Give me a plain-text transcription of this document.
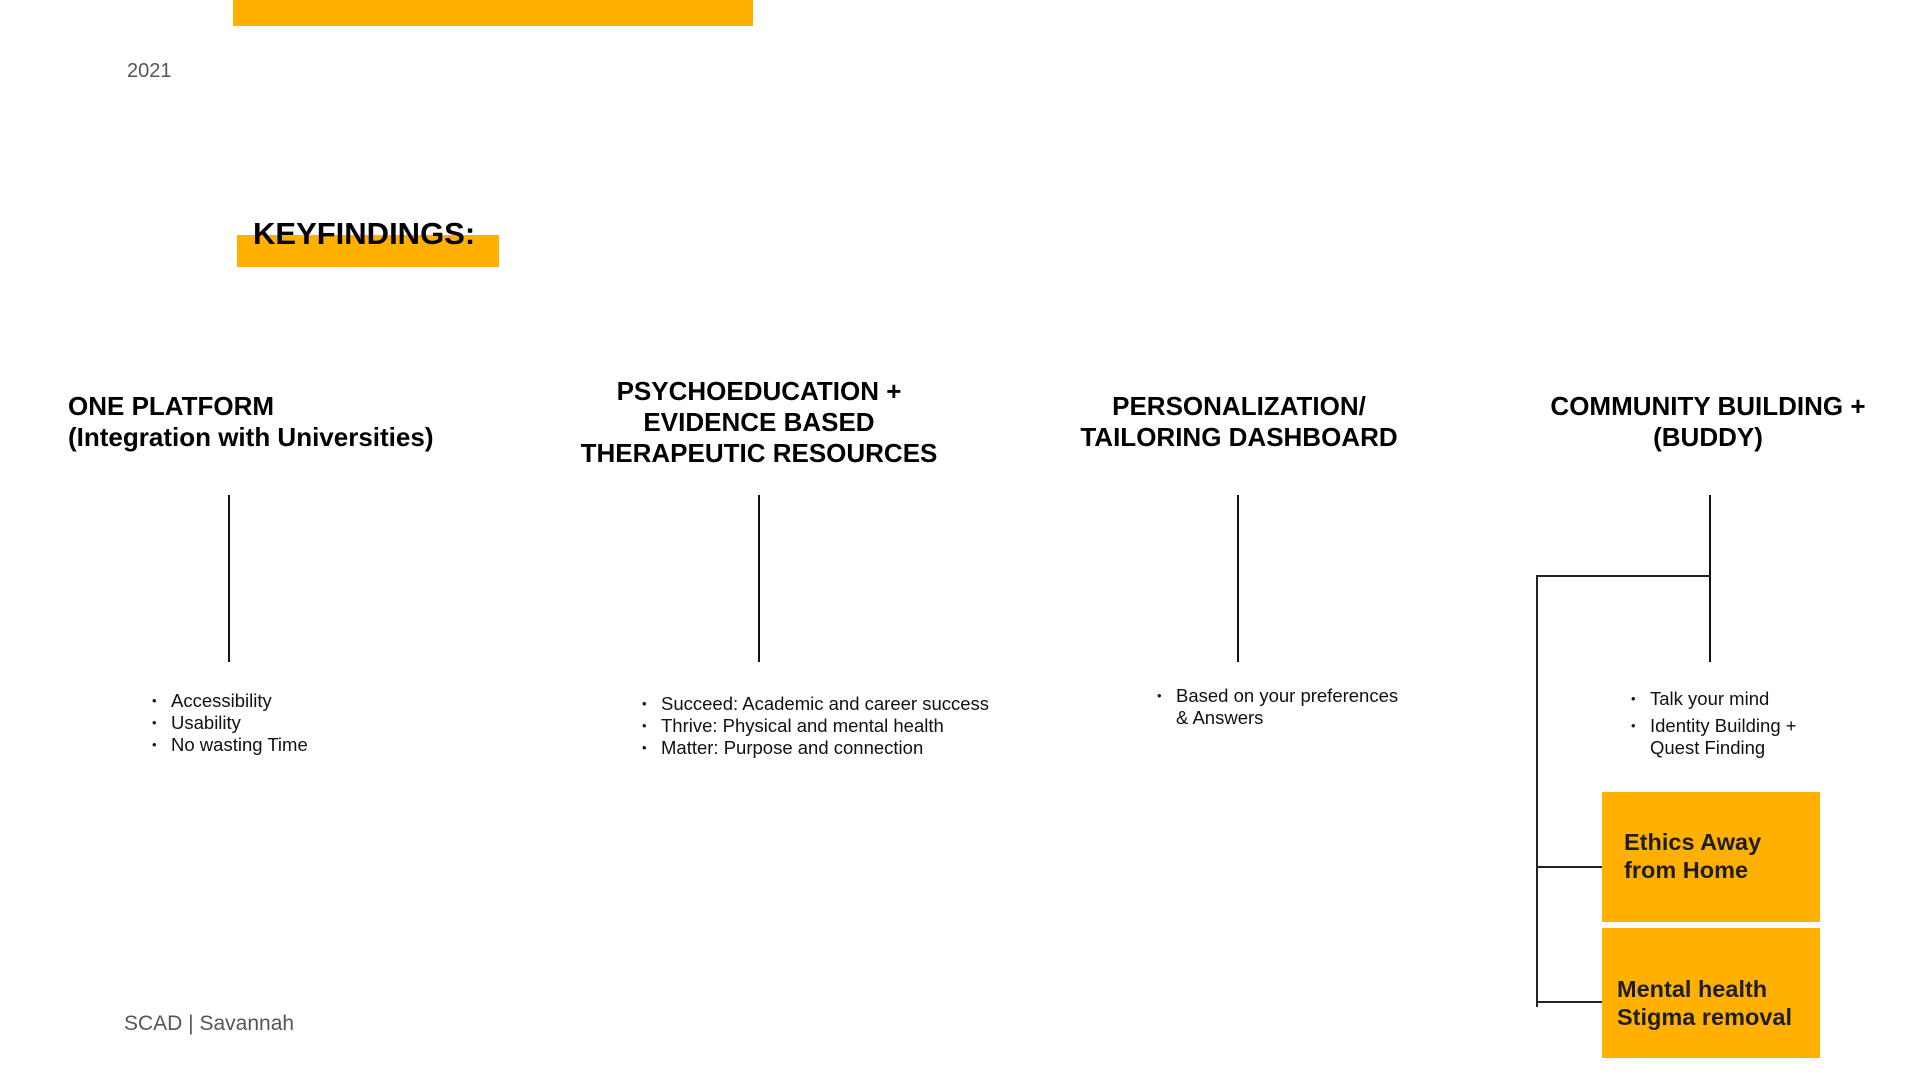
2021
KEYFINDINGS:
ONE PLATFORM
(Integration with Universities)
• Accessibility
• Usability
• No wasting Time
PSYCHOEDUCATION +
EVIDENCE BASED
THERAPEUTIC RESOURCES
• Succeed: Academic and career success
• Thrive: Physical and mental health
• Matter: Purpose and connection
PERSONALIZATION/
TAILORING DASHBOARD
• Based on your preferences
& Answers
COMMUNITY BUILDING +
(BUDDY)
• Talk your mind
• Identity Building +
Quest Finding
Ethics Away
from Home
Mental health
Stigma removal
SCAD | Savannah
